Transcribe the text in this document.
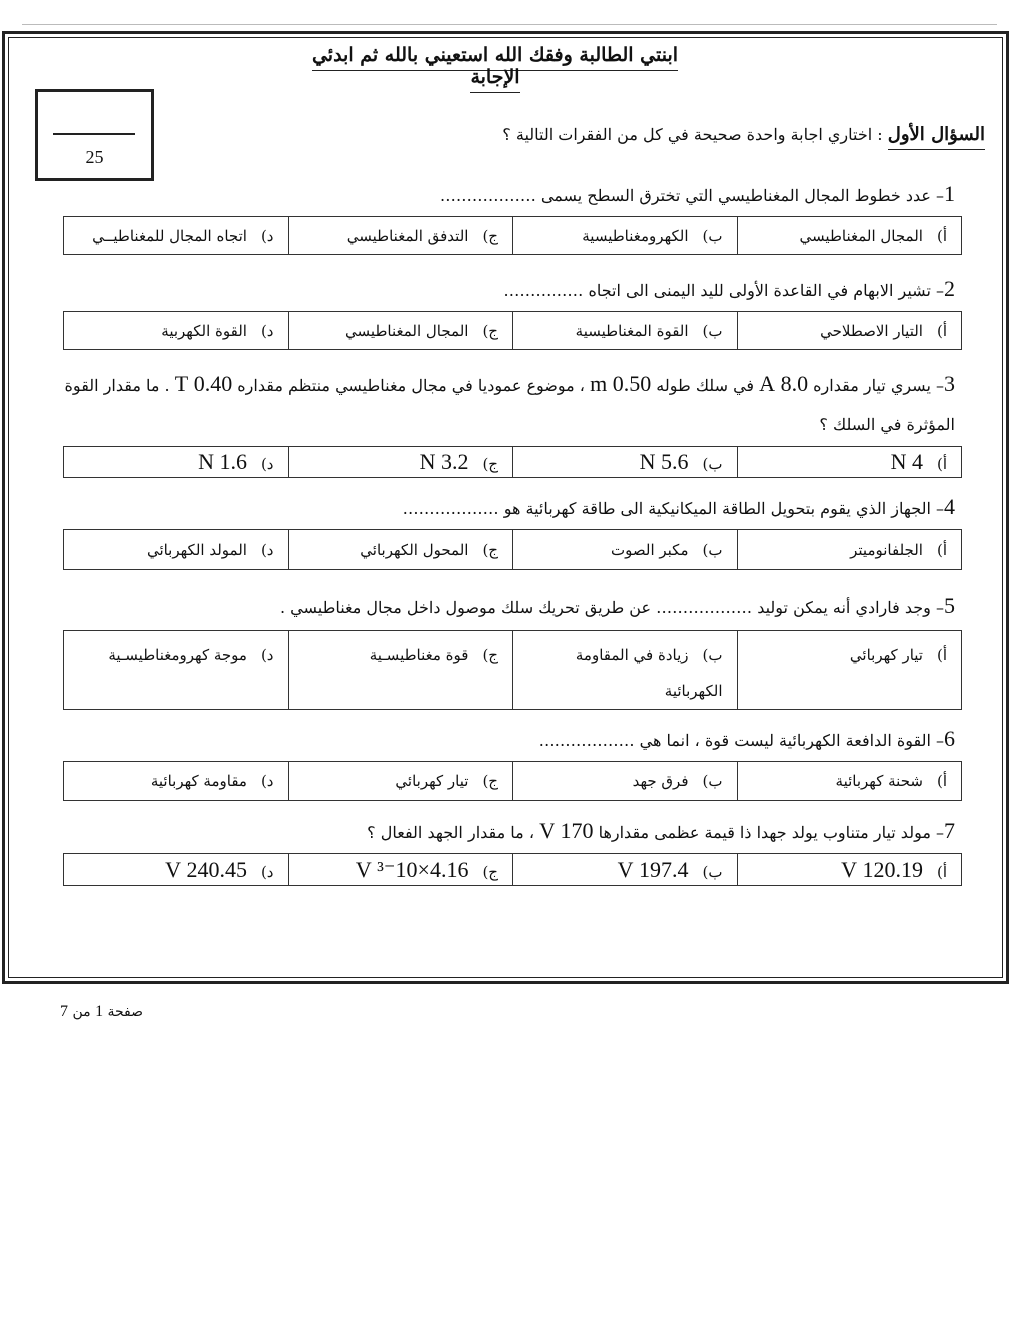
ابنتي الطالبة وفقك الله استعيني بالله ثم ابدئي الإجابة
25
السؤال الأول : اختاري اجابة واحدة صحيحة في كل من الفقرات التالية ؟
1– عدد خطوط المجال المغناطيسي التي تخترق السطح يسمى ………………
أ)المجال المغناطيسي	ب)الكهرومغناطيسية	ج)التدفق المغناطيسي	د)اتجاه المجال للمغناطيــي
2– تشير الابهام في القاعدة الأولى لليد اليمنى الى اتجاه ……………
أ)التيار الاصطلاحي	ب)القوة المغناطيسية	ج)المجال المغناطيسي	د)القوة الكهربية
3– يسري تيار مقداره 8.0 A في سلك طوله 0.50 m ، موضوع عموديا في مجال مغناطيسي منتظم مقداره 0.40 T . ما مقدار القوة
المؤثرة في السلك ؟
أ)4 N	ب)5.6 N	ج)3.2 N	د)1.6 N
4– الجهاز الذي يقوم بتحويل الطاقة الميكانيكية الى طاقة كهربائية هو ………………
أ)الجلفانوميتر	ب)مكبر الصوت	ج)المحول الكهربائي	د)المولد الكهربائي
5– وجد فارادي أنه يمكن توليد ……………… عن طريق تحريك سلك موصول داخل مجال مغناطيسي .
أ)تيار كهربائي	ب)زيادة في المقاومة الكهربائية	ج)قوة مغناطيسـية	د)موجة كهرومغناطيسـية
6– القوة الدافعة الكهربائية ليست قوة ، انما هي ………………
أ)شحنة كهربائية	ب)فرق جهد	ج)تيار كهربائي	د)مقاومة كهربائية
7– مولد تيار متناوب يولد جهدا ذا قيمة عظمى مقدارها 170 V ، ما مقدار الجهد الفعال ؟
أ)120.19 V	ب)197.4 V	ج)4.16×10⁻³ V	د)240.45 V
صفحة 1 من 7
